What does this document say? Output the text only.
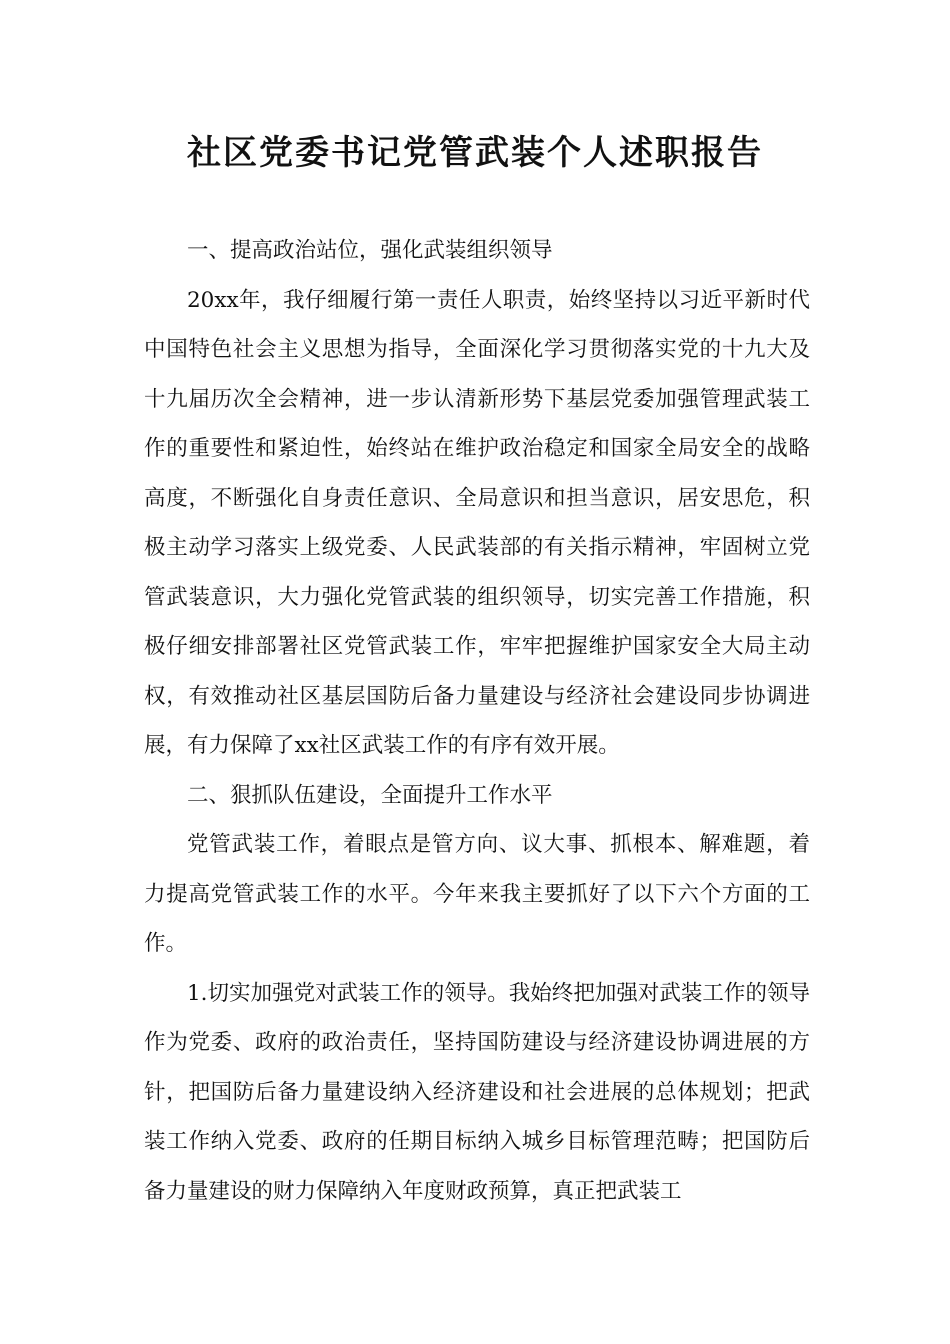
社区党委书记党管武装个人述职报告

一、提高政治站位，强化武装组织领导

20xx年，我仔细履行第一责任人职责，始终坚持以习近平新时代中国特色社会主义思想为指导，全面深化学习贯彻落实党的十九大及十九届历次全会精神，进一步认清新形势下基层党委加强管理武装工作的重要性和紧迫性，始终站在维护政治稳定和国家全局安全的战略高度，不断强化自身责任意识、全局意识和担当意识，居安思危，积极主动学习落实上级党委、人民武装部的有关指示精神，牢固树立党管武装意识，大力强化党管武装的组织领导，切实完善工作措施，积极仔细安排部署社区党管武装工作，牢牢把握维护国家安全大局主动权，有效推动社区基层国防后备力量建设与经济社会建设同步协调进展，有力保障了xx社区武装工作的有序有效开展。

二、狠抓队伍建设，全面提升工作水平

党管武装工作，着眼点是管方向、议大事、抓根本、解难题，着力提高党管武装工作的水平。今年来我主要抓好了以下六个方面的工作。

1.切实加强党对武装工作的领导。我始终把加强对武装工作的领导作为党委、政府的政治责任，坚持国防建设与经济建设协调进展的方针，把国防后备力量建设纳入经济建设和社会进展的总体规划；把武装工作纳入党委、政府的任期目标纳入城乡目标管理范畴；把国防后备力量建设的财力保障纳入年度财政预算，真正把武装工
